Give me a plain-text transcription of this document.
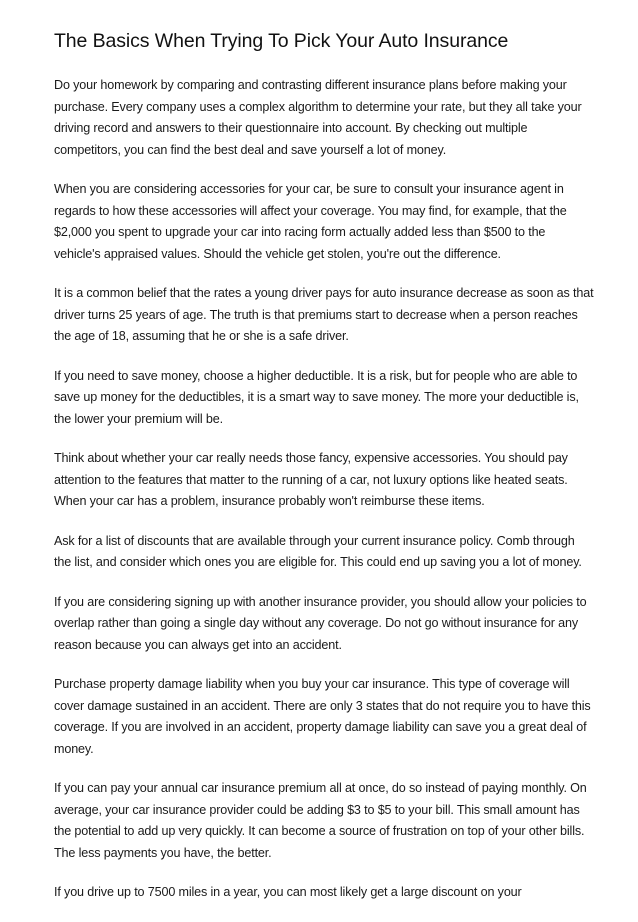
The Basics When Trying To Pick Your Auto Insurance

Do your homework by comparing and contrasting different insurance plans before making your purchase. Every company uses a complex algorithm to determine your rate, but they all take your driving record and answers to their questionnaire into account. By checking out multiple competitors, you can find the best deal and save yourself a lot of money.

When you are considering accessories for your car, be sure to consult your insurance agent in regards to how these accessories will affect your coverage. You may find, for example, that the $2,000 you spent to upgrade your car into racing form actually added less than $500 to the vehicle's appraised values. Should the vehicle get stolen, you're out the difference.

It is a common belief that the rates a young driver pays for auto insurance decrease as soon as that driver turns 25 years of age. The truth is that premiums start to decrease when a person reaches the age of 18, assuming that he or she is a safe driver.

If you need to save money, choose a higher deductible. It is a risk, but for people who are able to save up money for the deductibles, it is a smart way to save money. The more your deductible is, the lower your premium will be.

Think about whether your car really needs those fancy, expensive accessories. You should pay attention to the features that matter to the running of a car, not luxury options like heated seats. When your car has a problem, insurance probably won't reimburse these items.

Ask for a list of discounts that are available through your current insurance policy. Comb through the list, and consider which ones you are eligible for. This could end up saving you a lot of money.

If you are considering signing up with another insurance provider, you should allow your policies to overlap rather than going a single day without any coverage. Do not go without insurance for any reason because you can always get into an accident.

Purchase property damage liability when you buy your car insurance. This type of coverage will cover damage sustained in an accident. There are only 3 states that do not require you to have this coverage. If you are involved in an accident, property damage liability can save you a great deal of money.

If you can pay your annual car insurance premium all at once, do so instead of paying monthly. On average, your car insurance provider could be adding $3 to $5 to your bill. This small amount has the potential to add up very quickly. It can become a source of frustration on top of your other bills. The less payments you have, the better.

If you drive up to 7500 miles in a year, you can most likely get a large discount on your
